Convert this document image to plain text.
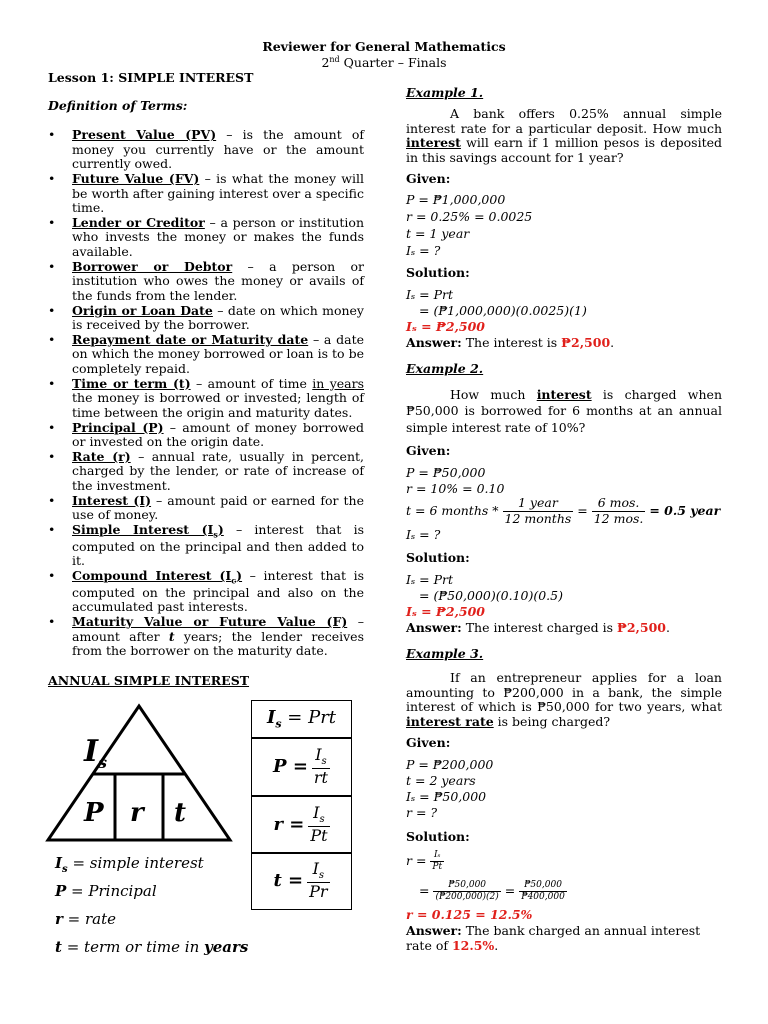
Reviewer for General Mathematics
2nd Quarter – Finals
Lesson 1: SIMPLE INTEREST
Definition of Terms:
• Present Value (PV) – is the amount of money you currently have or the amount currently owed.
• Future Value (FV) – is what the money will be worth after gaining interest over a specific time.
• Lender or Creditor – a person or institution who invests the money or makes the funds available.
• Borrower or Debtor – a person or institution who owes the money or avails of the funds from the lender.
• Origin or Loan Date – date on which money is received by the borrower.
• Repayment date or Maturity date – a date on which the money borrowed or loan is to be completely repaid.
• Time or term (t) – amount of time in years the money is borrowed or invested; length of time between the origin and maturity dates.
• Principal (P) – amount of money borrowed or invested on the origin date.
• Rate (r) – annual rate, usually in percent, charged by the lender, or rate of increase of the investment.
• Interest (I) – amount paid or earned for the use of money.
• Simple Interest $(I_s)$ – interest that is computed on the principal and then added to it.
• Compound Interest $(I_c)$ – interest that is computed on the principal and also on the accumulated past interests.
• Maturity Value or Future Value (F) – amount after t years; the lender receives from the borrower on the maturity date.
ANNUAL SIMPLE INTEREST
$I_s$
P r t
$I_s$ = Prt
P =
$\frac{I_s}{rt}$
r =
$\frac{I_s}{Pt}$
t =
$\frac{I_s}{Pr}$
$I_s$ = simple interest
P = Principal
r = rate
t = term or time in years
Example 1.
A bank offers 0.25% annual simple interest rate for a particular deposit. How much interest will earn if 1 million pesos is deposited in this savings account for 1 year?
Given:
P = ₱1,000,000
r = 0.25% = 0.0025
t = 1 year
Iₛ = ?
Solution:
Iₛ = Prt
= (₱1,000,000)(0.0025)(1)
Iₛ = ₱2,500
Answer: The interest is ₱2,500.
Example 2.
How much interest is charged when ₱50,000 is borrowed for 6 months at an annual simple interest rate of 10%?
Given:
P = ₱50,000
r = 10% = 0.10
t = 6 months *
$\frac{\text{1 year}}{\text{12 months}} = \frac{\text{6 mos.}}{\text{12 mos.}}$
= 0.5 year
Iₛ = ?
Solution:
Iₛ = Prt
= (₱50,000)(0.10)(0.5)
Iₛ = ₱2,500
Answer: The interest charged is ₱2,500.
Example 3.
If an entrepreneur applies for a loan amounting to ₱200,000 in a bank, the simple interest of which is ₱50,000 for two years, what interest rate is being charged?
Given:
P = ₱200,000
t = 2 years
Iₛ = ₱50,000
r = ?
Solution:
r =
$\frac{\text{Iₛ}}{Pt}$
= $\frac{₱50,000}{(₱200,000)(2)} = \frac{₱50,000}{₱400,000}$
r = 0.125 = 12.5%
Answer: The bank charged an annual interest rate of 12.5%.
